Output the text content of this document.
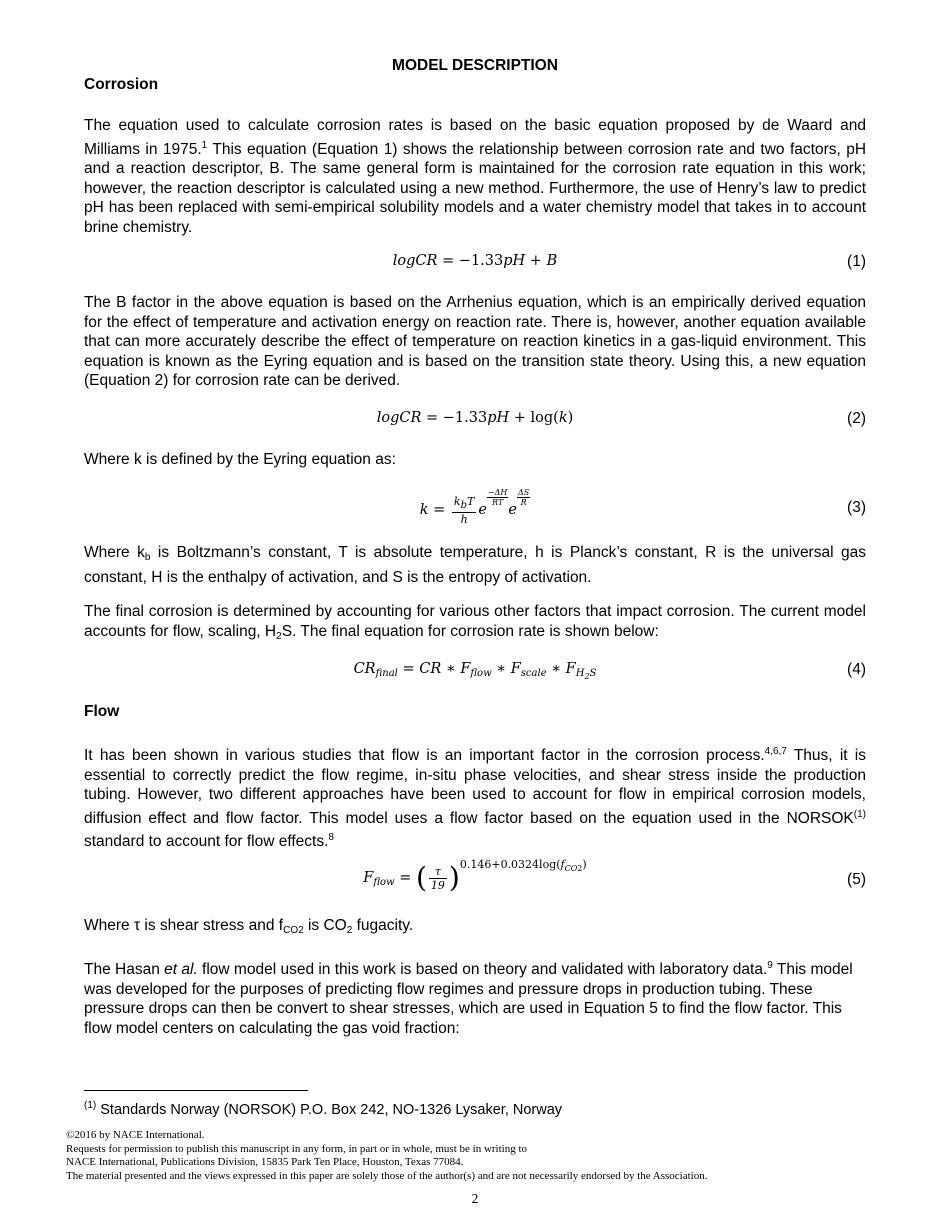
MODEL DESCRIPTION
Corrosion
The equation used to calculate corrosion rates is based on the basic equation proposed by de Waard and Milliams in 1975.$^1$ This equation (Equation 1) shows the relationship between corrosion rate and two factors, pH and a reaction descriptor, B. The same general form is maintained for the corrosion rate equation in this work; however, the reaction descriptor is calculated using a new method. Furthermore, the use of Henry’s law to predict pH has been replaced with semi-empirical solubility models and a water chemistry model that takes in to account brine chemistry.
logCR = −1.33pH + B	(1)
The B factor in the above equation is based on the Arrhenius equation, which is an empirically derived equation for the effect of temperature and activation energy on reaction rate. There is, however, another equation available that can more accurately describe the effect of temperature on reaction kinetics in a gas-liquid environment. This equation is known as the Eyring equation and is based on the transition state theory. Using this, a new equation (Equation 2) for corrosion rate can be derived.
logCR = −1.33pH + log(k)	(2)
Where k is defined by the Eyring equation as:
$k = \frac{k_bT}{h}$ e
$\frac{-\Delta H}{RT}$
e
$\frac{\Delta S}{R}$
(3)
Where $k_b$ is Boltzmann’s constant, T is absolute temperature, h is Planck’s constant, R is the universal gas constant, H is the enthalpy of activation, and S is the entropy of activation.
The final corrosion is determined by accounting for various other factors that impact corrosion. The current model accounts for flow, scaling, $H_2S$. The final equation for corrosion rate is shown below:
$CR_{final}$ = CR ∗ $F_{flow}$ ∗ $F_{scale}$ ∗ $F_{H_2S}$	(4)
Flow
It has been shown in various studies that flow is an important factor in the corrosion process.$^{4,6,7}$ Thus, it is essential to correctly predict the flow regime, in-situ phase velocities, and shear stress inside the production tubing. However, two different approaches have been used to account for flow in empirical corrosion models, diffusion effect and flow factor. This model uses a flow factor based on the equation used in the NORSOK$^{(1)}$ standard to account for flow effects.$^8$
$F_{flow}$ = ( $\frac{\tau}{19} )^{0.146+0.0324log(f_{CO2})}$
(5)
Where τ is shear stress and $f_{CO2}$ is $CO_2$ fugacity.
The Hasan et al. flow model used in this work is based on theory and validated with laboratory data.$^9$ This model was developed for the purposes of predicting flow regimes and pressure drops in production tubing. These pressure drops can then be convert to shear stresses, which are used in Equation 5 to find the flow factor. This flow model centers on calculating the gas void fraction:
$^{(1)}$ Standards Norway (NORSOK) P.O. Box 242, NO-1326 Lysaker, Norway
©2016 by NACE International.
Requests for permission to publish this manuscript in any form, in part or in whole, must be in writing to
NACE International, Publications Division, 15835 Park Ten Place, Houston, Texas 77084.
The material presented and the views expressed in this paper are solely those of the author(s) and are not necessarily endorsed by the Association.
2
